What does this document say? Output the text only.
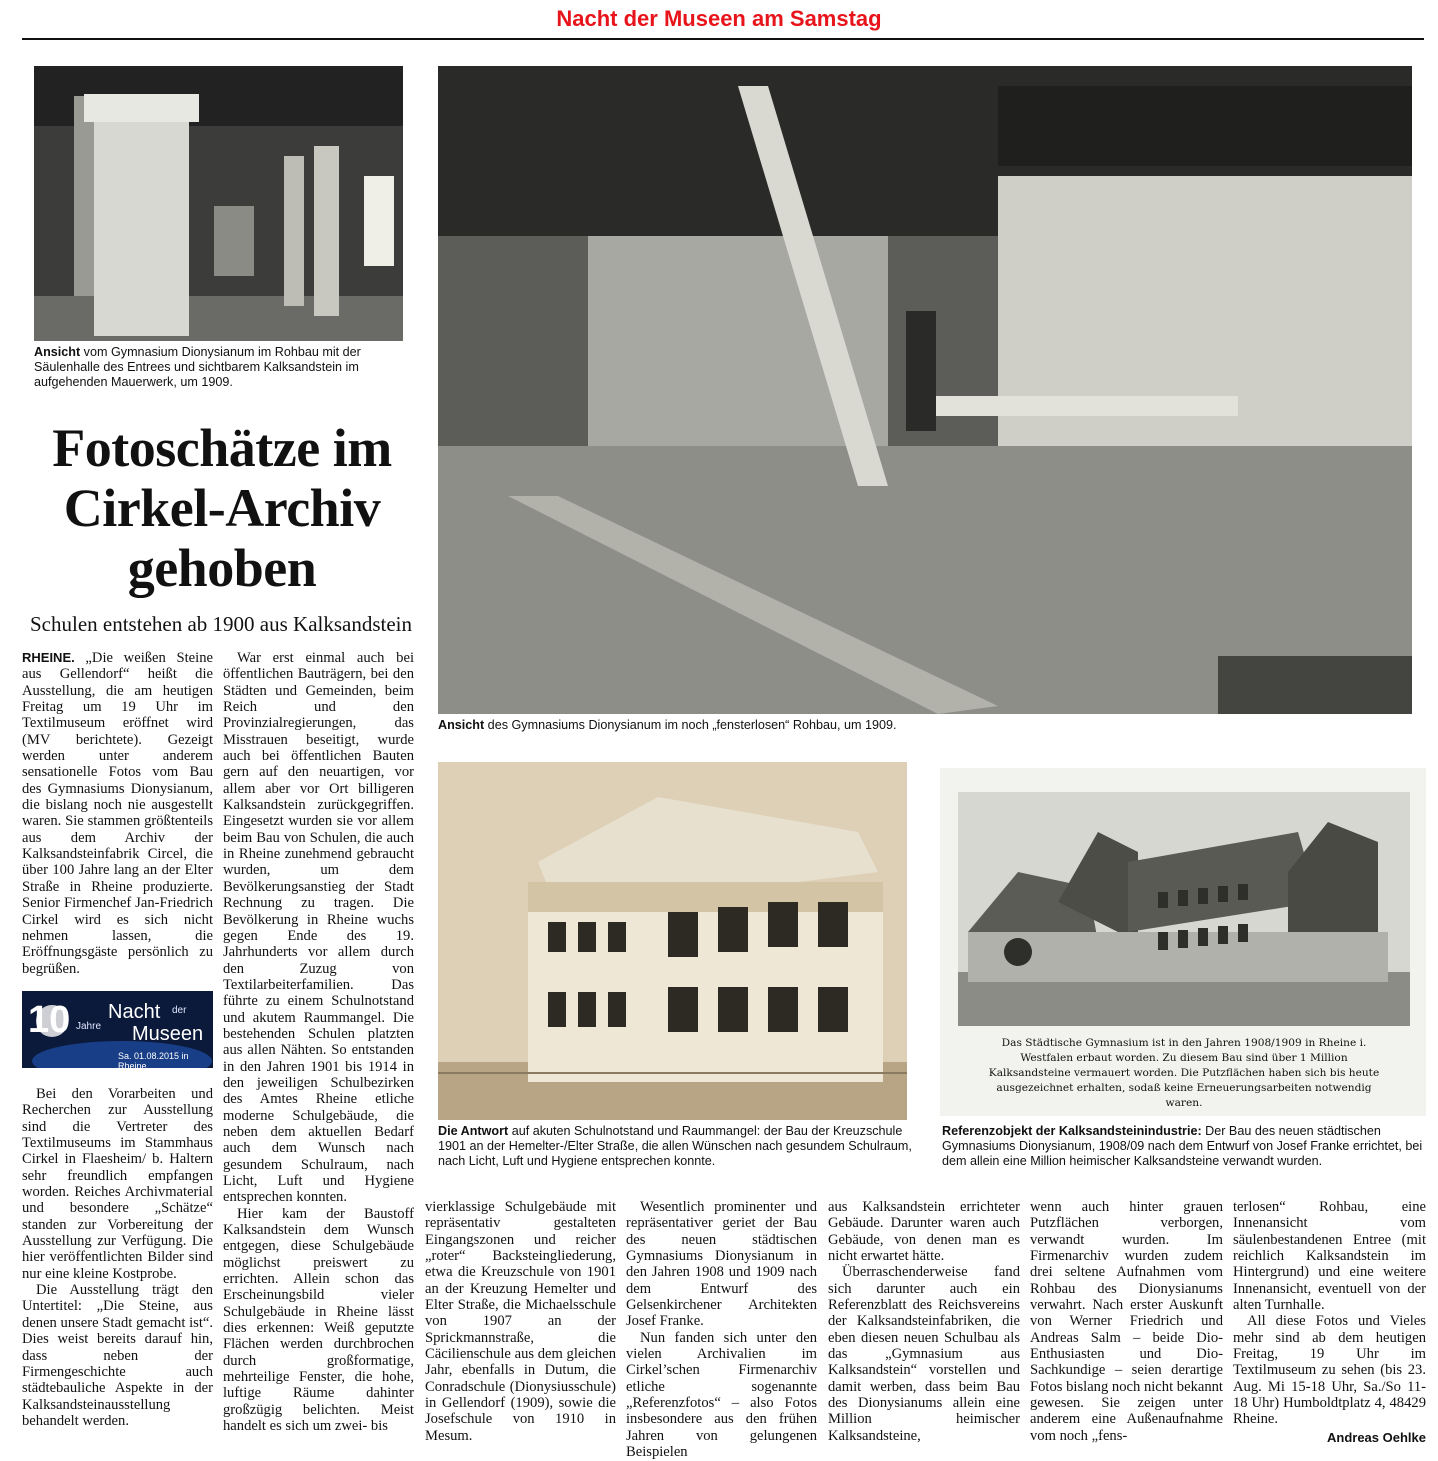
Nacht der Museen am Samstag
Ansicht vom Gymnasium Dionysianum im Rohbau mit der Säulenhalle des Entrees und sichtbarem Kalksandstein im aufgehenden Mauerwerk, um 1909.
Fotoschätze im
Cirkel-Archiv
gehoben
Schulen entstehen ab 1900 aus Kalksandstein
Ansicht des Gymnasiums Dionysianum im noch „fensterlosen“ Rohbau, um 1909.
Die Antwort auf akuten Schulnotstand und Raummangel: der Bau der Kreuzschule 1901 an der Hemelter-/Elter Straße, die allen Wünschen nach gesundem Schulraum, nach Licht, Luft und Hygiene entsprechen konnte.
Das Städtische Gymnasium ist in den Jahren 1908/1909 in Rheine i. Westfalen erbaut worden. Zu diesem Bau sind über 1 Million Kalksandsteine vermauert worden. Die Putzflächen haben sich bis heute ausgezeichnet erhalten, sodaß keine Erneuerungsarbeiten notwendig waren.
Referenzobjekt der Kalksandsteinindustrie: Der Bau des neuen städtischen Gymnasiums Dionysianum, 1908/09 nach dem Entwurf von Josef Franke errichtet, bei dem allein eine Million heimischer Kalksandsteine verwandt wurden.

RHEINE. „Die weißen Steine aus Gellendorf“ heißt die Ausstellung, die am heutigen Freitag um 19 Uhr im Textilmuseum eröffnet wird (MV berichtete). Gezeigt werden unter anderem sensationelle Fotos vom Bau des Gymnasiums Dionysianum, die bislang noch nie ausgestellt waren. Sie stammen größtenteils aus dem Archiv der Kalksandsteinfabrik Circel, die über 100 Jahre lang an der Elter Straße in Rheine produzierte. Senior Firmenchef Jan-Friedrich Cirkel wird es sich nicht nehmen lassen, die Eröffnungsgäste persönlich zu begrüßen.

10 Jahre
Nacht der
Museen
Sa. 01.08.2015 in Rheine

Bei den Vorarbeiten und Recherchen zur Ausstellung sind die Vertreter des Textilmuseums im Stammhaus Cirkel in Flaesheim/ b. Haltern sehr freundlich empfangen worden. Reiches Archivmaterial und besondere „Schätze“ standen zur Vorbereitung der Ausstellung zur Verfügung. Die hier veröffentlichten Bilder sind nur eine kleine Kostprobe.

Die Ausstellung trägt den Untertitel: „Die Steine, aus denen unsere Stadt gemacht ist“. Dies weist bereits darauf hin, dass neben der Firmengeschichte auch städtebauliche Aspekte in der Kalksandsteinausstellung behandelt werden.

War erst einmal auch bei öffentlichen Bauträgern, bei den Städten und Gemeinden, beim Reich und den Provinzialregierungen, das Misstrauen beseitigt, wurde auch bei öffentlichen Bauten gern auf den neuartigen, vor allem aber vor Ort billigeren Kalksandstein zurückgegriffen. Eingesetzt wurden sie vor allem beim Bau von Schulen, die auch in Rheine zunehmend gebraucht wurden, um dem Bevölkerungsanstieg der Stadt Rechnung zu tragen. Die Bevölkerung in Rheine wuchs gegen Ende des 19. Jahrhunderts vor allem durch den Zuzug von Textilarbeiterfamilien. Das führte zu einem Schulnotstand und akutem Raummangel. Die bestehenden Schulen platzten aus allen Nähten. So entstanden in den Jahren 1901 bis 1914 in den jeweiligen Schulbezirken des Amtes Rheine etliche moderne Schulgebäude, die neben dem aktuellen Bedarf auch dem Wunsch nach gesundem Schulraum, nach Licht, Luft und Hygiene entsprechen konnten.

Hier kam der Baustoff Kalksandstein dem Wunsch entgegen, diese Schulgebäude möglichst preiswert zu errichten. Allein schon das Erscheinungsbild vieler Schulgebäude in Rheine lässt dies erkennen: Weiß geputzte Flächen werden durchbrochen durch großformatige, mehrteilige Fenster, die hohe, luftige Räume dahinter großzügig belichten. Meist handelt es sich um zwei- bis

vierklassige Schulgebäude mit repräsentativ gestalteten Eingangszonen und reicher „roter“ Backsteingliederung, etwa die Kreuzschule von 1901 an der Kreuzung Hemelter und Elter Straße, die Michaelsschule von 1907 an der Sprickmannstraße, die Cäcilienschule aus dem gleichen Jahr, ebenfalls in Dutum, die Conradschule (Dionysiusschule) in Gellendorf (1909), sowie die Josefschule von 1910 in Mesum.

Wesentlich prominenter und repräsentativer geriet der Bau des neuen städtischen Gymnasiums Dionysianum in den Jahren 1908 und 1909 nach dem Entwurf des Gelsenkirchener Architekten Josef Franke.

Nun fanden sich unter den vielen Archivalien im Cirkel’schen Firmenarchiv etliche sogenannte „Referenzfotos“ – also Fotos insbesondere aus den frühen Jahren von gelungenen Beispielen

aus Kalksandstein errichteter Gebäude. Darunter waren auch Gebäude, von denen man es nicht erwartet hätte.

Überraschenderweise fand sich darunter auch ein Referenzblatt des Reichsvereins der Kalksandsteinfabriken, die eben diesen neuen Schulbau als das „Gymnasium aus Kalksandstein“ vorstellen und damit werben, dass beim Bau des Dionysianums allein eine Million heimischer Kalksandsteine,

wenn auch hinter grauen Putzflächen verborgen, verwandt wurden. Im Firmenarchiv wurden zudem drei seltene Aufnahmen vom Rohbau des Dionysianums verwahrt. Nach erster Auskunft von Werner Friedrich und Andreas Salm – beide Dio-Enthusiasten und Dio-Sachkundige – seien derartige Fotos bislang noch nicht bekannt gewesen. Sie zeigen unter anderem eine Außenaufnahme vom noch „fens-

terlosen“ Rohbau, eine Innenansicht vom säulenbestandenen Entree (mit reichlich Kalksandstein im Hintergrund) und eine weitere Innenansicht, eventuell von der alten Turnhalle.

All diese Fotos und Vieles mehr sind ab dem heutigen Freitag, 19 Uhr im Textilmuseum zu sehen (bis 23. Aug. Mi 15-18 Uhr, Sa./So 11-18 Uhr) Humboldtplatz 4, 48429 Rheine.

Andreas Oehlke
